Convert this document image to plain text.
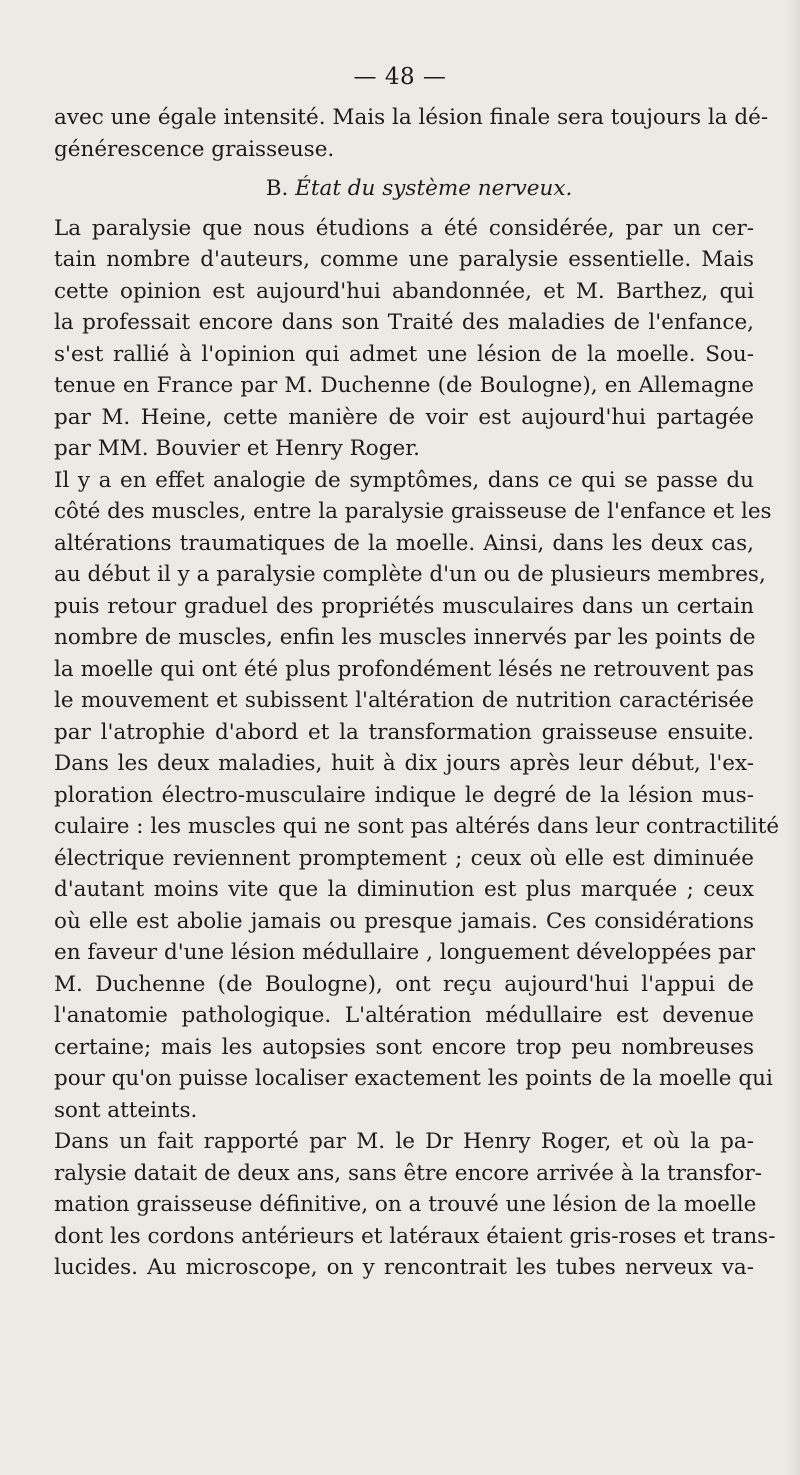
— 48 —
avec une égale intensité. Mais la lésion finale sera toujours la dé-
générescence graisseuse.
B. État du système nerveux.
La paralysie que nous étudions a été considérée, par un cer-
tain nombre d'auteurs, comme une paralysie essentielle. Mais
cette opinion est aujourd'hui abandonnée, et M. Barthez, qui
la professait encore dans son Traité des maladies de l'enfance,
s'est rallié à l'opinion qui admet une lésion de la moelle. Sou-
tenue en France par M. Duchenne (de Boulogne), en Allemagne
par M. Heine, cette manière de voir est aujourd'hui partagée
par MM. Bouvier et Henry Roger.
Il y a en effet analogie de symptômes, dans ce qui se passe du
côté des muscles, entre la paralysie graisseuse de l'enfance et les
altérations traumatiques de la moelle. Ainsi, dans les deux cas,
au début il y a paralysie complète d'un ou de plusieurs membres,
puis retour graduel des propriétés musculaires dans un certain
nombre de muscles, enfin les muscles innervés par les points de
la moelle qui ont été plus profondément lésés ne retrouvent pas
le mouvement et subissent l'altération de nutrition caractérisée
par l'atrophie d'abord et la transformation graisseuse ensuite.
Dans les deux maladies, huit à dix jours après leur début, l'ex-
ploration électro-musculaire indique le degré de la lésion mus-
culaire : les muscles qui ne sont pas altérés dans leur contractilité
électrique reviennent promptement ; ceux où elle est diminuée
d'autant moins vite que la diminution est plus marquée ; ceux
où elle est abolie jamais ou presque jamais. Ces considérations
en faveur d'une lésion médullaire , longuement développées par
M. Duchenne (de Boulogne), ont reçu aujourd'hui l'appui de
l'anatomie pathologique. L'altération médullaire est devenue
certaine; mais les autopsies sont encore trop peu nombreuses
pour qu'on puisse localiser exactement les points de la moelle qui
sont atteints.
Dans un fait rapporté par M. le Dr Henry Roger, et où la pa-
ralysie datait de deux ans, sans être encore arrivée à la transfor-
mation graisseuse définitive, on a trouvé une lésion de la moelle
dont les cordons antérieurs et latéraux étaient gris-roses et trans-
lucides. Au microscope, on y rencontrait les tubes nerveux va-
